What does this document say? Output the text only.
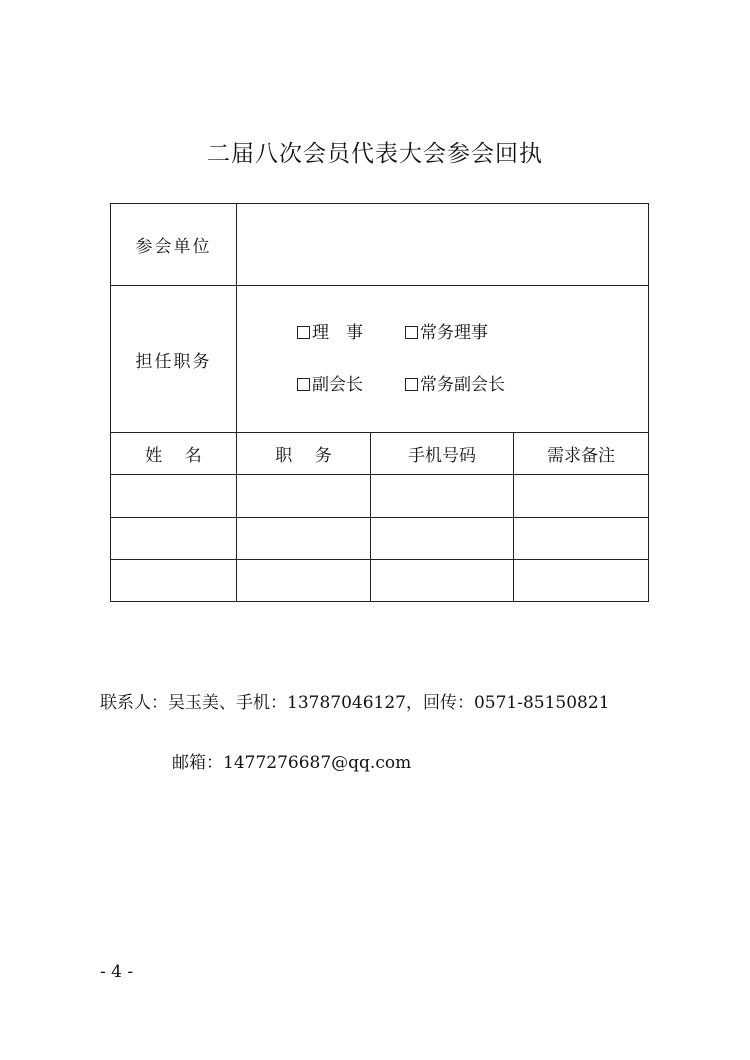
二届八次会员代表大会参会回执
参会单位			
担任职务	理　事 常务理事
副会长 常务副会长		

姓　 名	职　 务	手机号码	需求备注

联系人：吴玉美、手机：13787046127，回传：0571-85150821
邮箱：1477276687@qq.com
- 4 -
